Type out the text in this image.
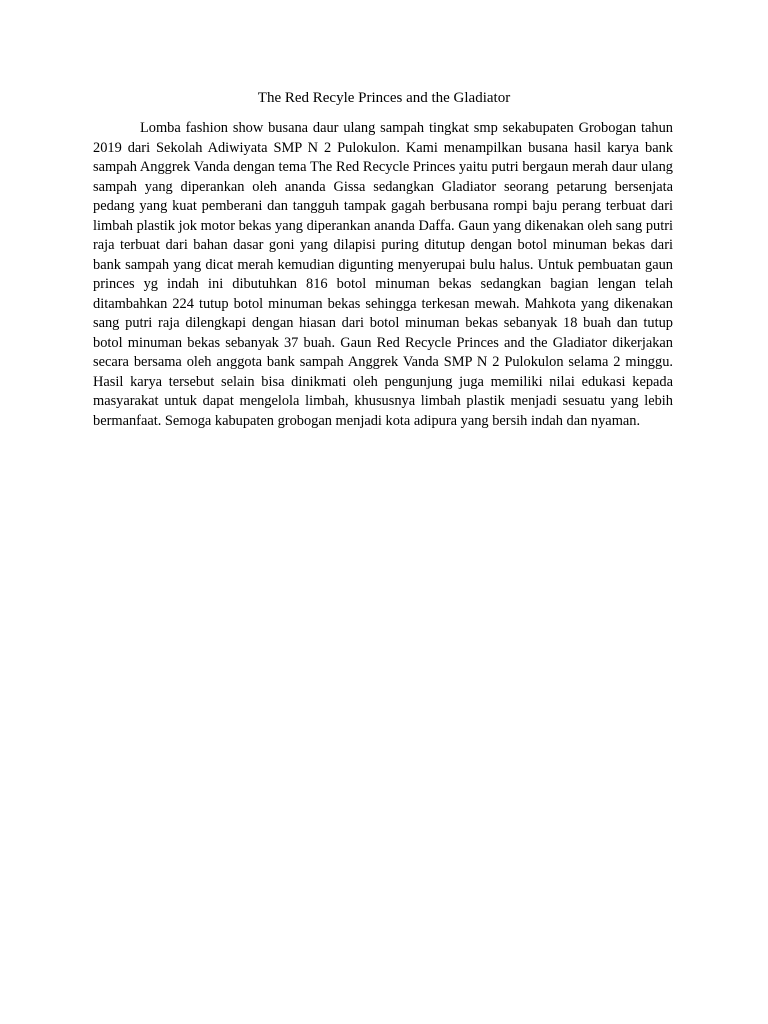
The Red Recyle Princes and the Gladiator

Lomba fashion show busana daur ulang sampah tingkat smp sekabupaten Grobogan tahun 2019 dari Sekolah Adiwiyata SMP N 2 Pulokulon. Kami menampilkan busana hasil karya bank sampah Anggrek Vanda dengan tema The Red Recycle Princes yaitu putri bergaun merah daur ulang sampah yang diperankan oleh ananda Gissa sedangkan Gladiator seorang petarung bersenjata pedang yang kuat pemberani dan tangguh tampak gagah berbusana rompi baju perang terbuat dari limbah plastik jok motor bekas yang diperankan ananda Daffa. Gaun yang dikenakan oleh sang putri raja terbuat dari bahan dasar goni yang dilapisi puring ditutup dengan botol minuman bekas dari bank sampah yang dicat merah kemudian digunting menyerupai bulu halus. Untuk pembuatan gaun princes yg indah ini dibutuhkan 816 botol minuman bekas sedangkan bagian lengan telah ditambahkan 224 tutup botol minuman bekas sehingga terkesan mewah. Mahkota yang dikenakan sang putri raja dilengkapi dengan hiasan dari botol minuman bekas sebanyak 18 buah dan tutup botol minuman bekas sebanyak 37 buah. Gaun Red Recycle Princes and the Gladiator dikerjakan secara bersama oleh anggota bank sampah Anggrek Vanda SMP N 2 Pulokulon selama 2 minggu. Hasil karya tersebut selain bisa dinikmati oleh pengunjung juga memiliki nilai edukasi kepada masyarakat untuk dapat mengelola limbah, khususnya limbah plastik menjadi sesuatu yang lebih bermanfaat. Semoga kabupaten grobogan menjadi kota adipura yang bersih indah dan nyaman.
